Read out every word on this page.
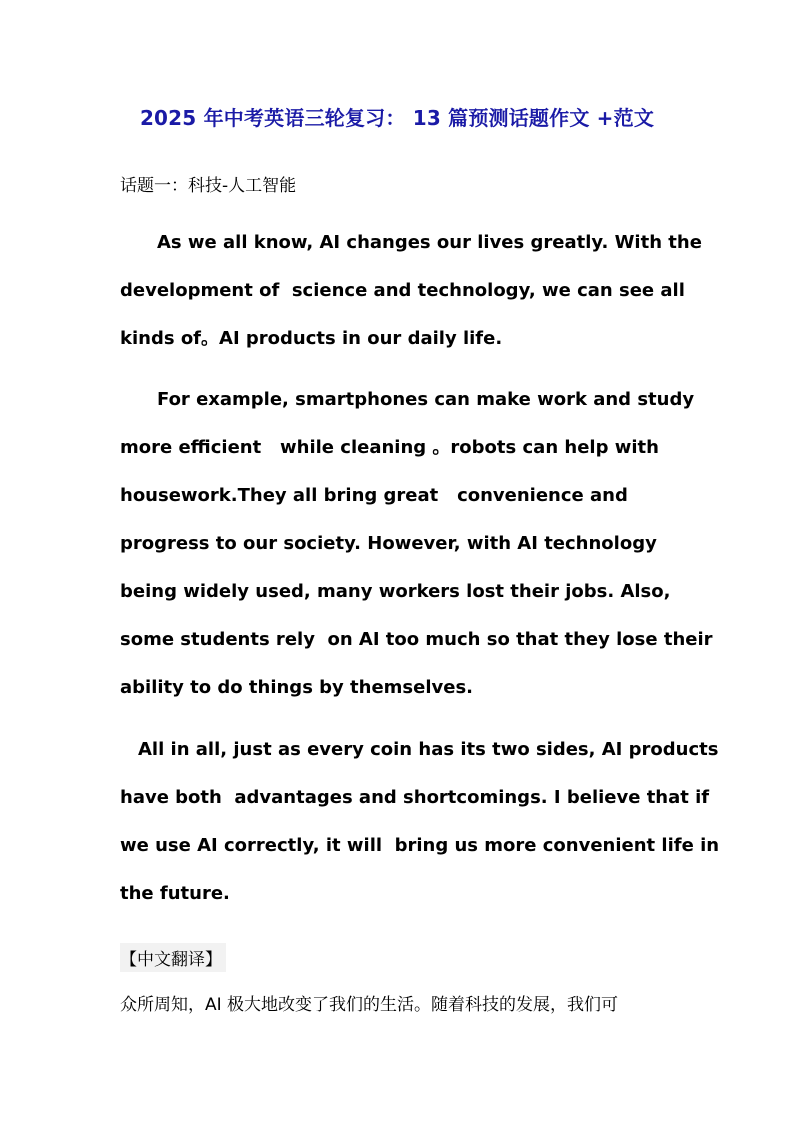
2025 年中考英语三轮复习： 13 篇预测话题作文 +范文
话题一：科技-人工智能
As we all know, AI changes our lives greatly. With the
development of  science and technology, we can see all
kinds of。AI products in our daily life.
For example, smartphones can make work and study
more efficient   while cleaning 。robots can help with
housework.They all bring great   convenience and
progress to our society. However, with AI technology
being widely used, many workers lost their jobs. Also,
some students rely  on AI too much so that they lose their
ability to do things by themselves.
All in all, just as every coin has its two sides, AI products
have both  advantages and shortcomings. I believe that if
we use AI correctly, it will  bring us more convenient life in
the future.
【中文翻译】
众所周知，AI 极大地改变了我们的生活。随着科技的发展，我们可
